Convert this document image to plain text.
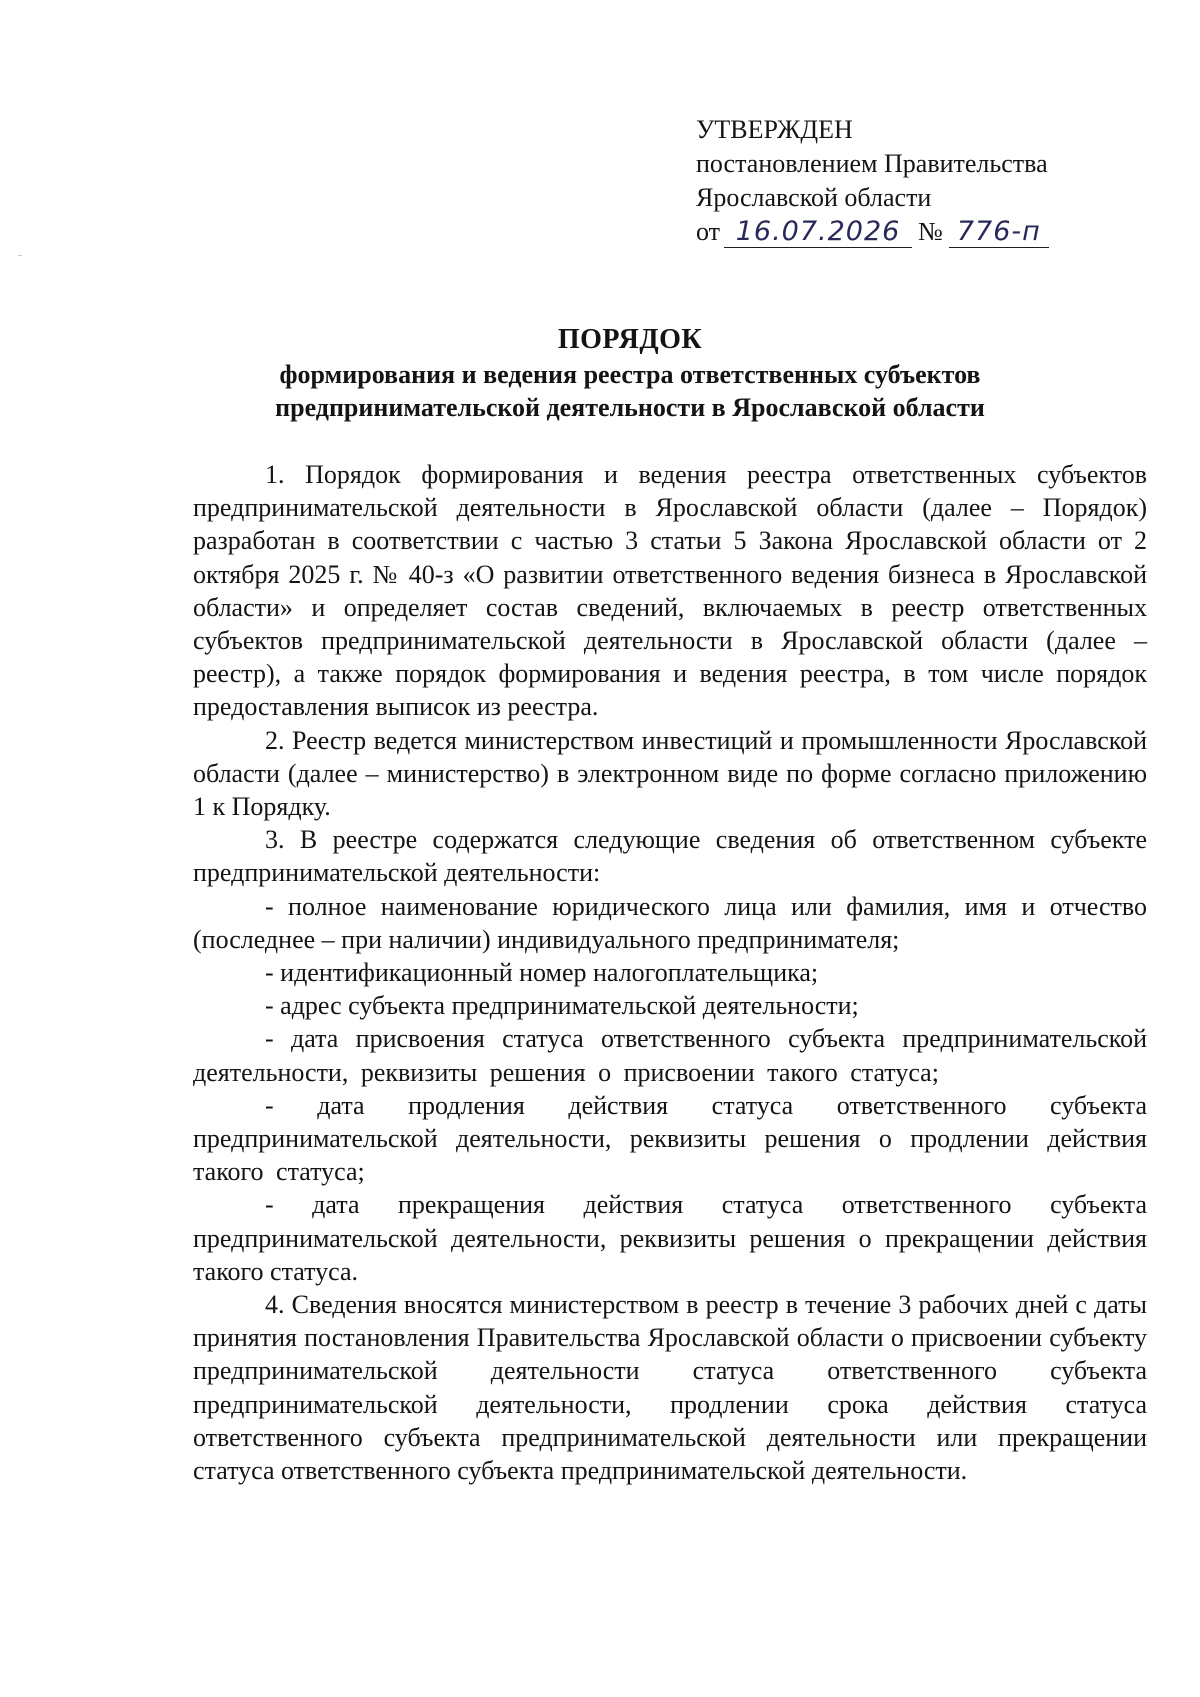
УТВЕРЖДЕН
постановлением Правительства
Ярославской области
от 16.07.2026 № 776-п
ПОРЯДОК
формирования и ведения реестра ответственных субъектов
предпринимательской деятельности в Ярославской области

1. Порядок формирования и ведения реестра ответственных субъектов предпринимательской деятельности в Ярославской области (далее – Порядок) разработан в соответствии с частью 3 статьи 5 Закона Ярославской области от 2 октября 2025 г. № 40-з «О развитии ответственного ведения бизнеса в Ярославской области» и определяет состав сведений, включаемых в реестр ответственных субъектов предпринимательской деятельности в Ярославской области (далее – реестр), а также порядок формирования и ведения реестра, в том числе порядок предоставления выписок из реестра.

2. Реестр ведется министерством инвестиций и промышленности Ярославской области (далее – министерство) в электронном виде по форме согласно приложению 1 к Порядку.

3. В реестре содержатся следующие сведения об ответственном субъекте предпринимательской деятельности:

- полное наименование юридического лица или фамилия, имя и отчество (последнее – при наличии) индивидуального предпринимателя;

- идентификационный номер налогоплательщика;

- адрес субъекта предпринимательской деятельности;

- дата присвоения статуса ответственного субъекта предпринимательской деятельности, реквизиты решения о присвоении такого статуса;

- дата продления действия статуса ответственного субъекта предпринимательской деятельности, реквизиты решения о продлении действия такого статуса;

- дата прекращения действия статуса ответственного субъекта предпринимательской деятельности, реквизиты решения о прекращении действия такого статуса.

4. Сведения вносятся министерством в реестр в течение 3 рабочих дней с даты принятия постановления Правительства Ярославской области о присвоении субъекту предпринимательской деятельности статуса ответственного субъекта предпринимательской деятельности, продлении срока действия статуса ответственного субъекта предпринимательской деятельности или прекращении статуса ответственного субъекта предпринимательской деятельности.
